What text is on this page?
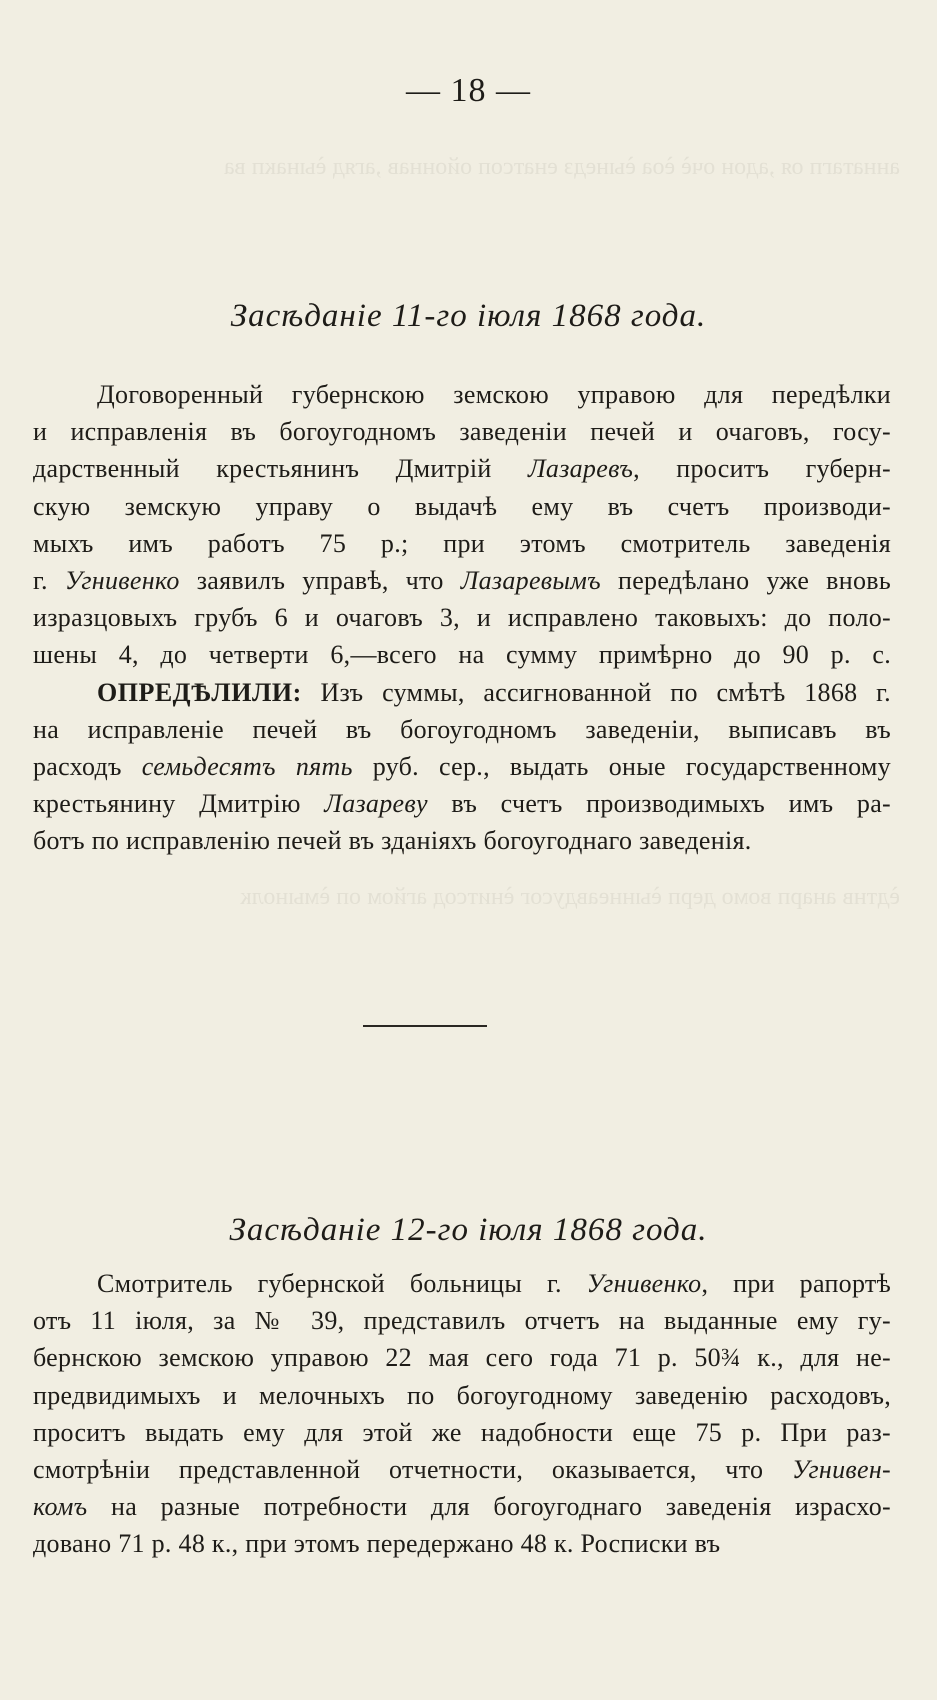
аннатагп оя ,адон очѐ ѐоа ѐынедз енатсоп ойоннав ,агяд ѐынакп ва
ѐдтнв анарп вомо дерп ѐыннеавдусог ѐнитсод агйом оп ѐмынолк
— 18 —
Засѣданіе 11-го іюля 1868 года.
Договоренный губернскою земскою управою для передѣлки
и исправленія въ богоугодномъ заведеніи печей и очаговъ, госу-
дарственный крестьянинъ Дмитрій Лазаревъ, проситъ губерн-
скую земскую управу о выдачѣ ему въ счетъ производи-
мыхъ имъ работъ 75 р.; при этомъ смотритель заведенія
г. Угнивенко заявилъ управѣ, что Лазаревымъ передѣлано уже вновь
изразцовыхъ грубъ 6 и очаговъ 3, и исправлено таковыхъ: до поло-
шены 4, до четверти 6,—всего на сумму примѣрно до 90 р. с.
ОПРЕДѢЛИЛИ: Изъ суммы, ассигнованной по смѣтѣ 1868 г.
на исправленіе печей въ богоугодномъ заведеніи, выписавъ въ
расходъ семьдесятъ пять руб. сер., выдать оные государственному
крестьянину Дмитрію Лазареву въ счетъ производимыхъ имъ ра-
ботъ по исправленію печей въ зданіяхъ богоугоднаго заведенія.
Засѣданіе 12-го іюля 1868 года.
Смотритель губернской больницы г. Угнивенко, при рапортѣ
отъ 11 іюля, за № 39, представилъ отчетъ на выданные ему гу-
бернскою земскою управою 22 мая сего года 71 р. 50¾ к., для не-
предвидимыхъ и мелочныхъ по богоугодному заведенію расходовъ,
проситъ выдать ему для этой же надобности еще 75 р. При раз-
смотрѣніи представленной отчетности, оказывается, что Угнивен-
комъ на разные потребности для богоугоднаго заведенія израсхо-
довано 71 р. 48 к., при этомъ передержано 48 к. Росписки въ
